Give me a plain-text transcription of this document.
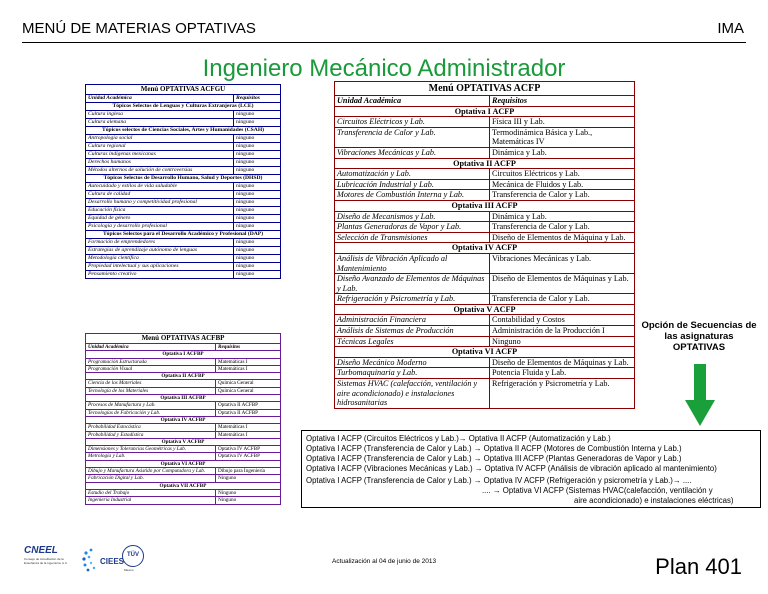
MENÚ DE MATERIAS OPTATIVAS	IMA
Ingeniero Mecánico Administrador
Menú OPTATIVAS ACFGU	
Unidad Académica	Requisitos
Tópicos Selectos de Lenguas y Culturas Extranjeras (LCE)	
Cultura inglesa	ninguno
Cultura alemana	ninguno
Tópicos selectos de Ciencias Sociales, Artes y Humanidades (CSAH)	
Antropología social	ninguno
Cultura regional	ninguno
Culturas indígenas mexicanas	ninguno
Derechos humanos	ninguno
Métodos alternos de solución de controversias	ninguno
Tópicos Selectos de Desarrollo Humano, Salud y Deportes (DHSD)	
Autocuidado y estilos de vida saludable	ninguno
Cultura de calidad	ninguno
Desarrollo humano y competitividad profesional	ninguno
Educación física	ninguno
Equidad de género	ninguno
Psicología y desarrollo profesional	ninguno
Tópicos Selectos para el Desarrollo Académico y Profesional (DAP)	
Formación de emprendedores	ninguno
Estrategias de aprendizaje autónomo de lenguas	ninguno
Metodología científica	ninguno
Propiedad intelectual y sus aplicaciones	ninguno
Pensamiento creativo	ninguno
Menú OPTATIVAS ACFBP	
Unidad Académica	Requisitos
Optativa I ACFBP	
Programación Estructurada	Matemáticas I
Programación Visual	Matemáticas I
Optativa II ACFBP	
Ciencia de los Materiales	Química General
Tecnología de los Materiales	Química General
Optativa III ACFBP	
Procesos de Manufactura y Lab.	Optativa II ACFBP
Tecnologías de Fabricación y Lab.	Optativa II ACFBP
Optativa IV ACFBP	
Probabilidad Estocástica	Matemáticas I
Probabilidad y Estadística	Matemáticas I
Optativa V ACFBP	
Dimensiones y Tolerancias Geométricas y Lab.	Optativa IV ACFBP
Metrología y Lab.	Optativa IV ACFBP
Optativa VI ACFBP	
Dibujo y Manufactura Asistido por Computadora y Lab.	Dibujo para Ingeniería
Fabricación Digital y Lab.	Ninguno
Optativa VII ACFBP	
Estudio del Trabajo	Ninguno
Ingeniería Industrial	Ninguno
Menú OPTATIVAS ACFP	
Unidad Académica	Requisitos
Optativa I ACFP	
Circuitos Eléctricos y Lab.	Física III y Lab.
Transferencia de Calor y Lab.	Termodinámica Básica y Lab., Matemáticas IV
Vibraciones Mecánicas y Lab.	Dinámica y Lab.
Optativa II ACFP	
Automatización y Lab.	Circuitos Eléctricos y Lab.
Lubricación Industrial y Lab.	Mecánica de Fluidos y Lab.
Motores de Combustión Interna y Lab.	Transferencia de Calor y Lab.
Optativa III ACFP	
Diseño de Mecanismos y Lab.	Dinámica y Lab.
Plantas Generadoras de Vapor y Lab.	Transferencia de Calor y Lab.
Selección de Transmisiones	Diseño de Elementos de Máquina y Lab.
Optativa IV ACFP	
Análisis de Vibración Aplicado al Mantenimiento	Vibraciones Mecánicas y Lab.
Diseño Avanzado de Elementos de Máquinas y Lab.	Diseño de Elementos de Máquinas y Lab.
Refrigeración y Psicrometría y Lab.	Transferencia de Calor y Lab.
Optativa V ACFP	
Administración Financiera	Contabilidad y Costos
Análisis de Sistemas de Producción	Administración de la Producción I
Técnicas Legales	Ninguno
Optativa VI ACFP	
Diseño Mecánico Moderno	Diseño de Elementos de Máquinas y Lab.
Turbomaquinaria y Lab.	Potencia Fluida y Lab.
Sistemas HVAC (calefacción, ventilación y aire acondicionado) e instalaciones hidrosanitarias	Refrigeración y Psicrometría y Lab.
Opción de Secuencias de las asignaturas OPTATIVAS
Optativa I ACFP (Circuitos Eléctricos y Lab.)→ Optativa II ACFP (Automatización y Lab.)
Optativa I ACFP (Transferencia de Calor y Lab.) → Optativa II ACFP (Motores de Combustión Interna y Lab.)
Optativa I ACFP (Transferencia de Calor y Lab.) → Optativa III ACFP (Plantas Generadoras de Vapor y Lab.)
Optativa I ACFP (Vibraciones Mecánicas y Lab.) → Optativa IV ACFP (Análisis de vibración aplicado al mantenimiento)
Optativa I ACFP (Transferencia de Calor y Lab.) → Optativa IV ACFP (Refrigeración y psicrometría y Lab.)→ ....
.... → Optativa VI ACFP (Sistemas HVAC(calefacción, ventilación y
aire acondicionado) e instalaciones eléctricas)
CNEEL
Consejo de Acreditación de la Enseñanza de la Ingeniería, A.C.	CIEES
TÜV
México
Actualización al 04 de junio de 2013	Plan 401
